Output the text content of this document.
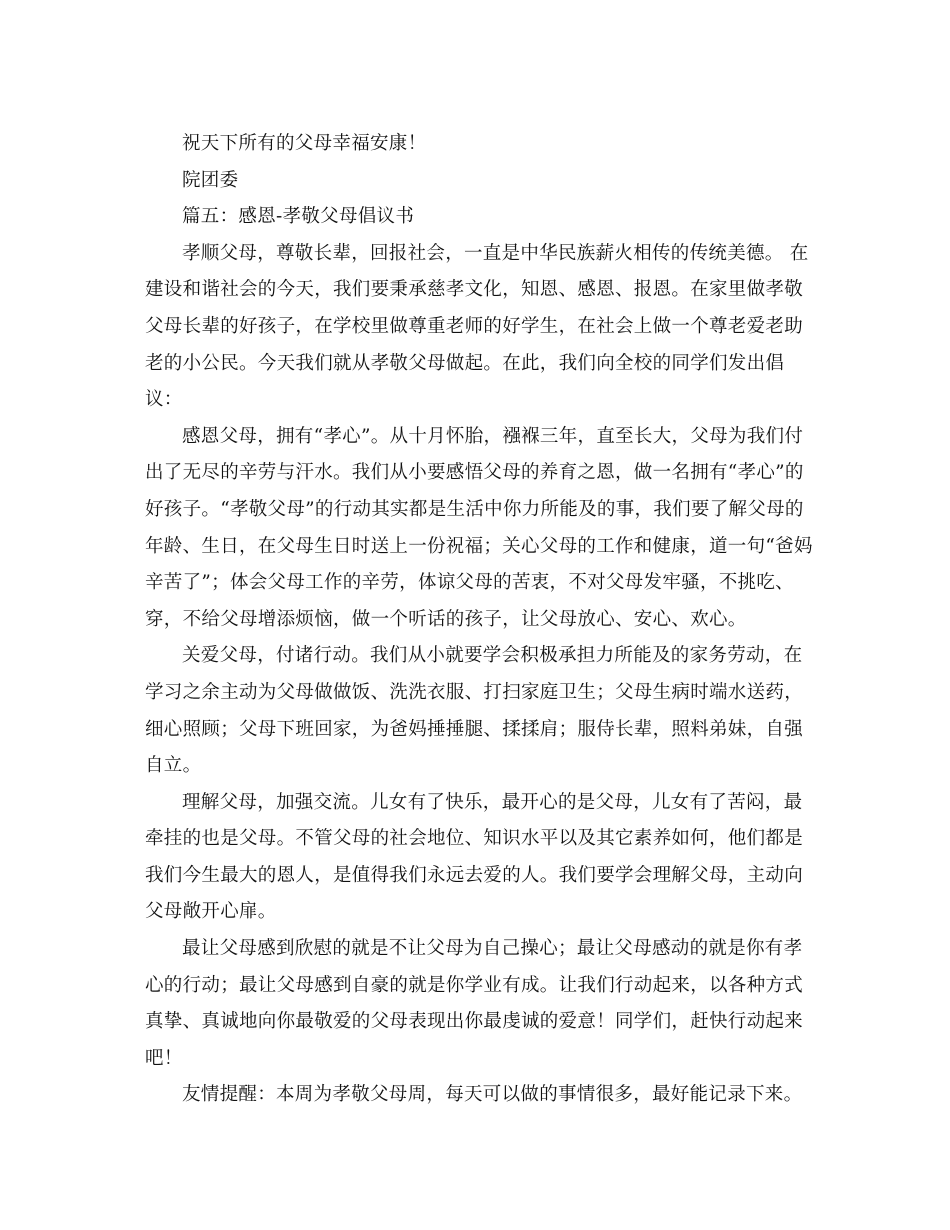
祝天下所有的父母幸福安康！

院团委

篇五：感恩-孝敬父母倡议书

孝顺父母，尊敬长辈，回报社会，一直是中华民族薪火相传的传统美德。 在

建设和谐社会的今天，我们要秉承慈孝文化，知恩、感恩、报恩。在家里做孝敬

父母长辈的好孩子，在学校里做尊重老师的好学生，在社会上做一个尊老爱老助

老的小公民。今天我们就从孝敬父母做起。在此，我们向全校的同学们发出倡

议：

感恩父母，拥有“孝心”。从十月怀胎，襁褓三年，直至长大，父母为我们付

出了无尽的辛劳与汗水。我们从小要感悟父母的养育之恩，做一名拥有“孝心”的

好孩子。“孝敬父母”的行动其实都是生活中你力所能及的事，我们要了解父母的

年龄、生日，在父母生日时送上一份祝福；关心父母的工作和健康，道一句“爸妈

辛苦了”；体会父母工作的辛劳，体谅父母的苦衷，不对父母发牢骚，不挑吃、

穿，不给父母增添烦恼，做一个听话的孩子，让父母放心、安心、欢心。

关爱父母，付诸行动。我们从小就要学会积极承担力所能及的家务劳动，在

学习之余主动为父母做做饭、洗洗衣服、打扫家庭卫生；父母生病时端水送药，

细心照顾；父母下班回家，为爸妈捶捶腿、揉揉肩；服侍长辈，照料弟妹，自强

自立。

理解父母，加强交流。儿女有了快乐，最开心的是父母，儿女有了苦闷，最

牵挂的也是父母。不管父母的社会地位、知识水平以及其它素养如何，他们都是

我们今生最大的恩人，是值得我们永远去爱的人。我们要学会理解父母，主动向

父母敞开心扉。

最让父母感到欣慰的就是不让父母为自己操心；最让父母感动的就是你有孝

心的行动；最让父母感到自豪的就是你学业有成。让我们行动起来，以各种方式

真挚、真诚地向你最敬爱的父母表现出你最虔诚的爱意！同学们，赶快行动起来

吧！

友情提醒：本周为孝敬父母周，每天可以做的事情很多，最好能记录下来。
